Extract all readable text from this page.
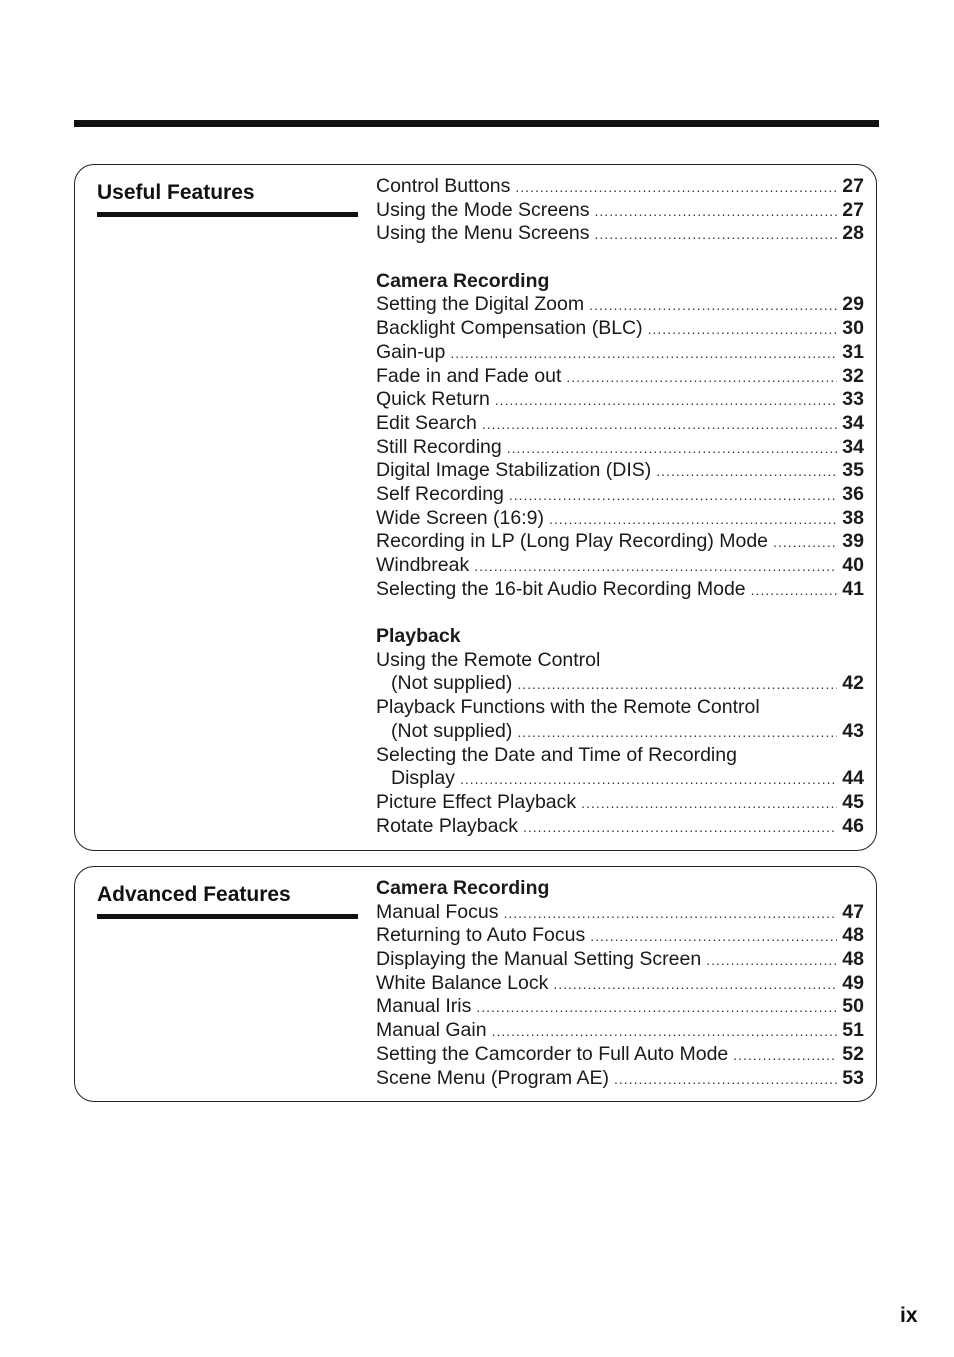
Useful Features	Control Buttons .....	27
Using the Mode Screens .....	27
Using the Menu Screens .....	28
Camera Recording
Setting the Digital Zoom .....	29
Backlight Compensation (BLC) .....	30
Gain-up .....	31
Fade in and Fade out .....	32
Quick Return .....	33
Edit Search .....	34
Still Recording .....	34
Digital Image Stabilization (DIS) .....	35
Self Recording .....	36
Wide Screen (16:9) .....	38
Recording in LP (Long Play Recording) Mode .....	39
Windbreak .....	40
Selecting the 16-bit Audio Recording Mode .....	41
Playback
Using the Remote Control
(Not supplied) .....	42
Playback Functions with the Remote Control
(Not supplied) .....	43
Selecting the Date and Time of Recording
Display .....	44
Picture Effect Playback .....	45
Rotate Playback .....	46
Advanced Features	Camera Recording
Manual Focus .....	47
Returning to Auto Focus .....	48
Displaying the Manual Setting Screen .....	48
White Balance Lock .....	49
Manual Iris .....	50
Manual Gain .....	51
Setting the Camcorder to Full Auto Mode .....	52
Scene Menu (Program AE) .....	53
ix
